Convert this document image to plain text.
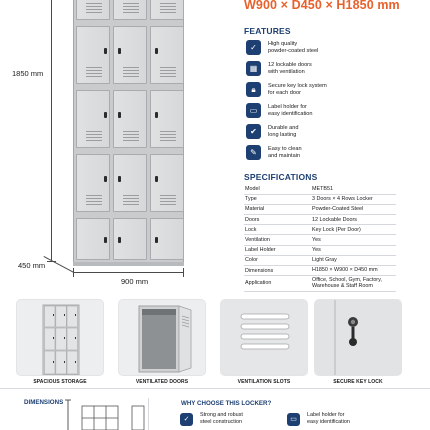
W900 × D450 × H1850 mm
1850 mm
450 mm
900 mm
FEATURES
✓	High quality
powder-coated steel
▦	12 lockable doors
with ventilation
🔒︎	Secure key lock system
for each door
▭	Label holder for
easy identification
✔	Durable and
long lasting
✎	Easy to clean
and maintain
SPECIFICATIONS
Model	METB51
Type	3 Doors × 4 Rows Locker
Material	Powder-Coated Steel
Doors	12 Lockable Doors
Lock	Key Lock (Per Door)
Ventilation	Yes
Label Holder	Yes
Color	Light Gray
Dimensions	H1850 × W900 × D450 mm
Application	Office, School, Gym, Factory, Warehouse & Staff Room
SPACIOUS STORAGE	VENTILATED DOORS	VENTILATION SLOTS	SECURE KEY LOCK
DIMENSIONS	WHY CHOOSE THIS LOCKER?
✓
Strong and robust
steel construction	▭
Label holder for
easy identification
